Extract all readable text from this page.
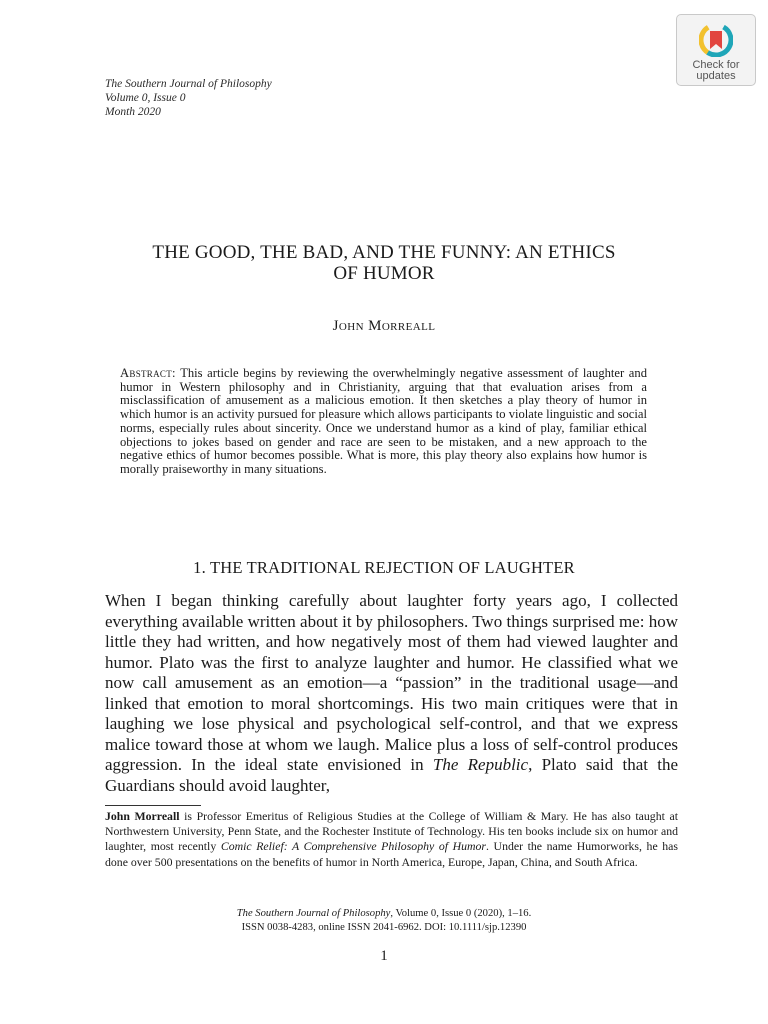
The Southern Journal of Philosophy
Volume 0, Issue 0
Month 2020
Check for
updates
THE GOOD, THE BAD, AND THE FUNNY: AN ETHICS
OF HUMOR
John Morreall
Abstract: This article begins by reviewing the overwhelmingly negative assessment of laughter and humor in Western philosophy and in Christianity, arguing that that evaluation arises from a misclassification of amusement as a malicious emotion. It then sketches a play theory of humor in which humor is an activity pursued for pleasure which allows participants to violate linguistic and social norms, especially rules about sincerity. Once we understand humor as a kind of play, familiar ethical objections to jokes based on gender and race are seen to be mistaken, and a new approach to the negative ethics of humor becomes possible. What is more, this play theory also explains how humor is morally praiseworthy in many situations.
1. THE TRADITIONAL REJECTION OF LAUGHTER
When I began thinking carefully about laughter forty years ago, I collected everything available written about it by philosophers. Two things surprised me: how little they had written, and how negatively most of them had viewed laughter and humor. Plato was the first to analyze laughter and humor. He classified what we now call amusement as an emotion—a “passion” in the traditional usage—and linked that emotion to moral shortcomings. His two main critiques were that in laughing we lose physical and psychological self-control, and that we express malice toward those at whom we laugh. Malice plus a loss of self-control produces aggression. In the ideal state envisioned in The Republic, Plato said that the Guardians should avoid laughter,
John Morreall is Professor Emeritus of Religious Studies at the College of William & Mary. He has also taught at Northwestern University, Penn State, and the Rochester Institute of Technology. His ten books include six on humor and laughter, most recently Comic Relief: A Comprehensive Philosophy of Humor. Under the name Humorworks, he has done over 500 presentations on the benefits of humor in North America, Europe, Japan, China, and South Africa.
The Southern Journal of Philosophy, Volume 0, Issue 0 (2020), 1–16.
ISSN 0038-4283, online ISSN 2041-6962. DOI: 10.1111/sjp.12390
1
